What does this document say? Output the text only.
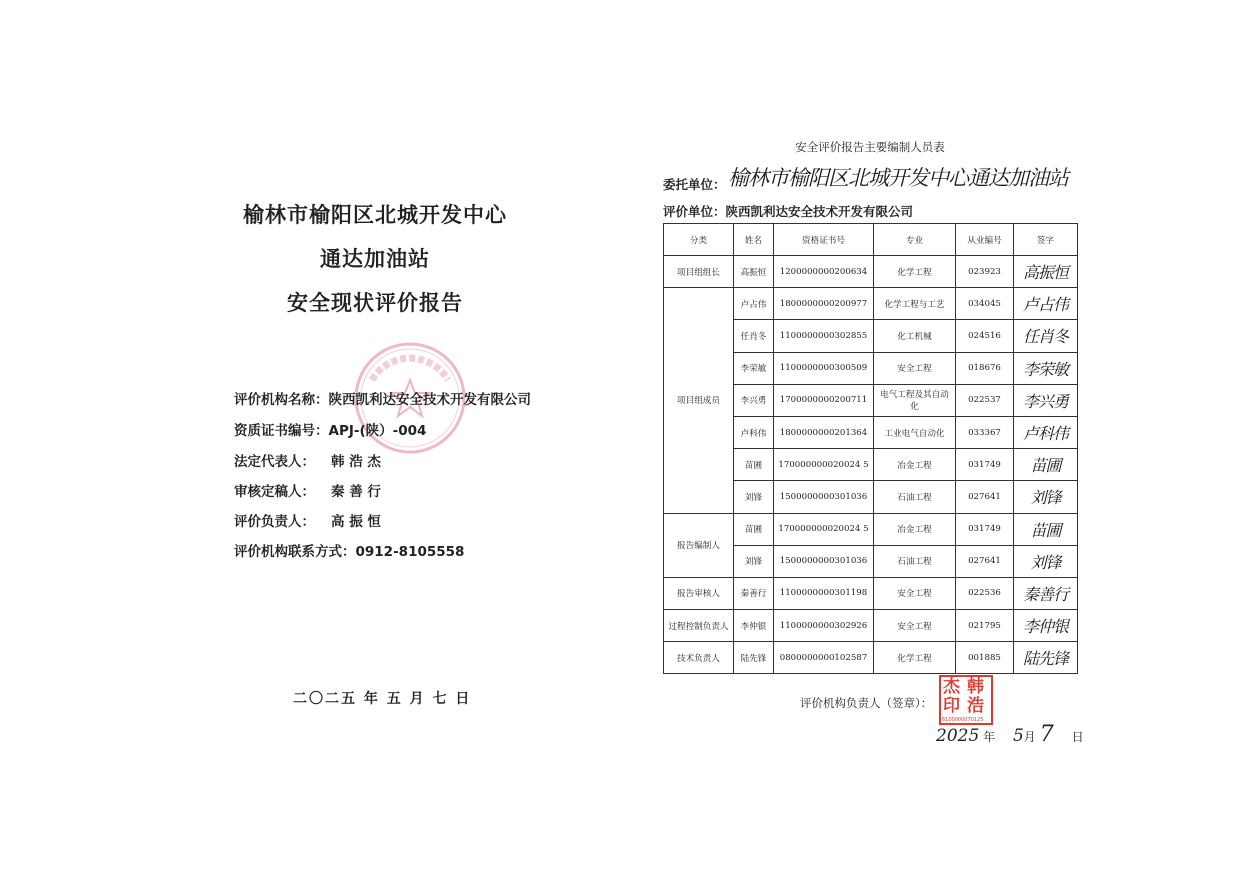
榆林市榆阳区北城开发中心
通达加油站
安全现状评价报告
评价机构名称：陕西凯利达安全技术开发有限公司
资质证书编号：APJ-(陕）-004
法定代表人： 韩 浩 杰
审核定稿人： 秦 善 行
评价负责人： 高 振 恒
评价机构联系方式：0912-8105558
二〇二五 年 五 月 七 日
安全评价报告主要编制人员表
委托单位： 榆林市榆阳区北城开发中心通达加油站
评价单位：陕西凯利达安全技术开发有限公司
分类	姓名	资格证书号	专业	从业编号	签字
项目组组长	高振恒	1200000000200634	化学工程	023923	高振恒
项目组成员	卢占伟	1800000000200977	化学工程与工艺	034045	卢占伟
	任肖冬	1100000000302855	化工机械	024516	任肖冬
	李荣敏	1100000000300509	安全工程	018676	李荣敏
	李兴勇	1700000000200711	电气工程及其自动化	022537	李兴勇
	卢科伟	1800000000201364	工业电气自动化	033367	卢科伟
	苗圃	170000000020024 5	冶金工程	031749	苗圃
	刘锋	1500000000301036	石油工程	027641	刘锋
报告编制人	苗圃	170000000020024 5	冶金工程	031749	苗圃
	刘锋	1500000000301036	石油工程	027641	刘锋
报告审核人	秦善行	1100000000301198	安全工程	022536	秦善行
过程控制负责人	李仲银	1100000000302926	安全工程	021795	李仲银
技术负责人	陆先锋	0800000000102587	化学工程	001885	陆先锋
评价机构负责人（签章）：
杰 韩
印 浩
6100000070125
2025 年 5月 7 日
